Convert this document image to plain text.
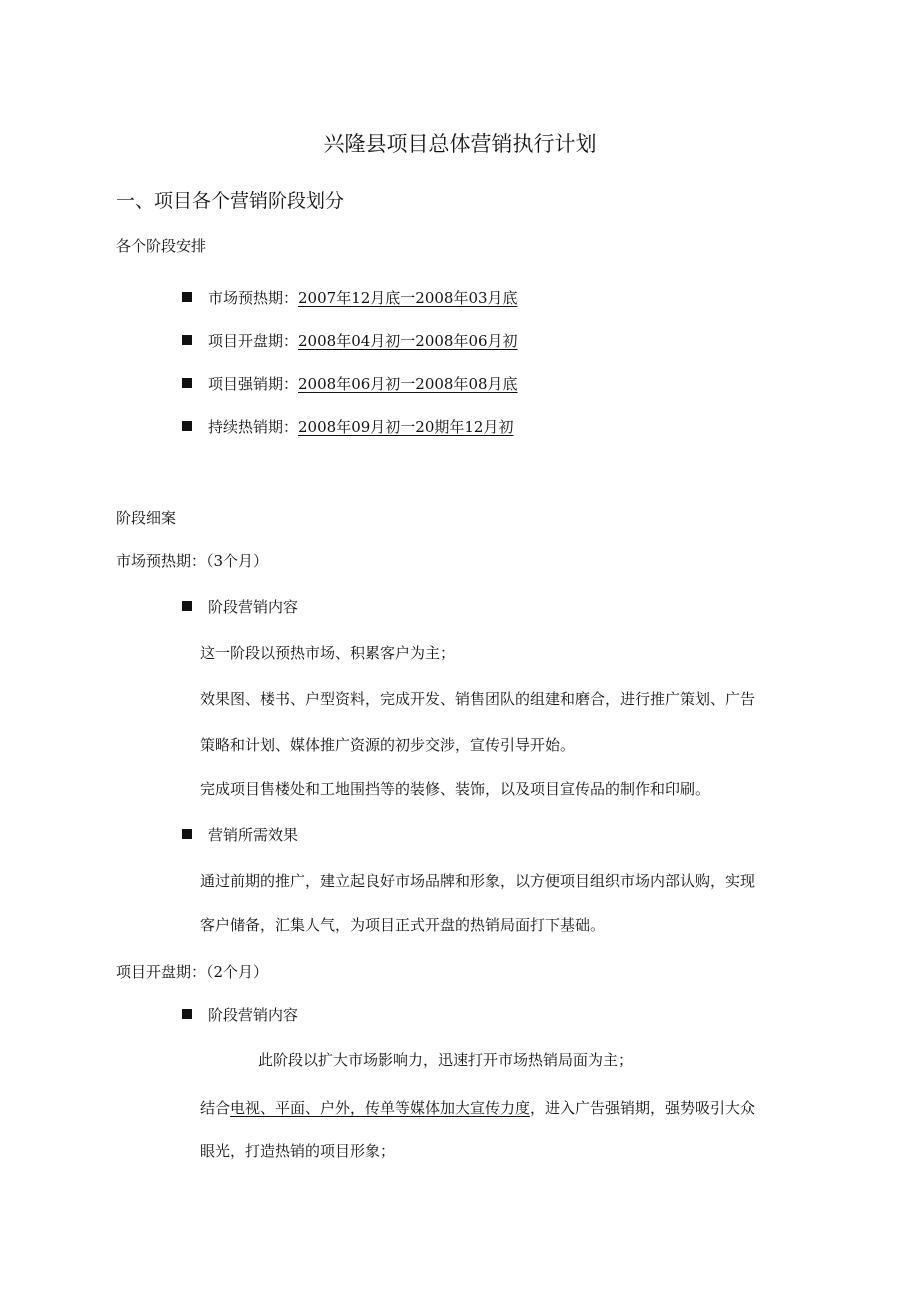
兴隆县项目总体营销执行计划
一、项目各个营销阶段划分
各个阶段安排
市场预热期：2007年12月底一2008年03月底
项目开盘期：2008年04月初一2008年06月初
项目强销期：2008年06月初一2008年08月底
持续热销期：2008年09月初一20期年12月初
阶段细案
市场预热期：（3个月）
阶段营销内容
这一阶段以预热市场、积累客户为主；
效果图、楼书、户型资料，完成开发、销售团队的组建和磨合，进行推广策划、广告
策略和计划、媒体推广资源的初步交涉，宣传引导开始。
完成项目售楼处和工地围挡等的装修、装饰，以及项目宣传品的制作和印刷。
营销所需效果
通过前期的推广，建立起良好市场品牌和形象，以方便项目组织市场内部认购，实现
客户储备，汇集人气，为项目正式开盘的热销局面打下基础。
项目开盘期：（2个月）
阶段营销内容
此阶段以扩大市场影响力，迅速打开市场热销局面为主；
结合电视、平面、户外，传单等媒体加大宣传力度，进入广告强销期，强势吸引大众
眼光，打造热销的项目形象；
